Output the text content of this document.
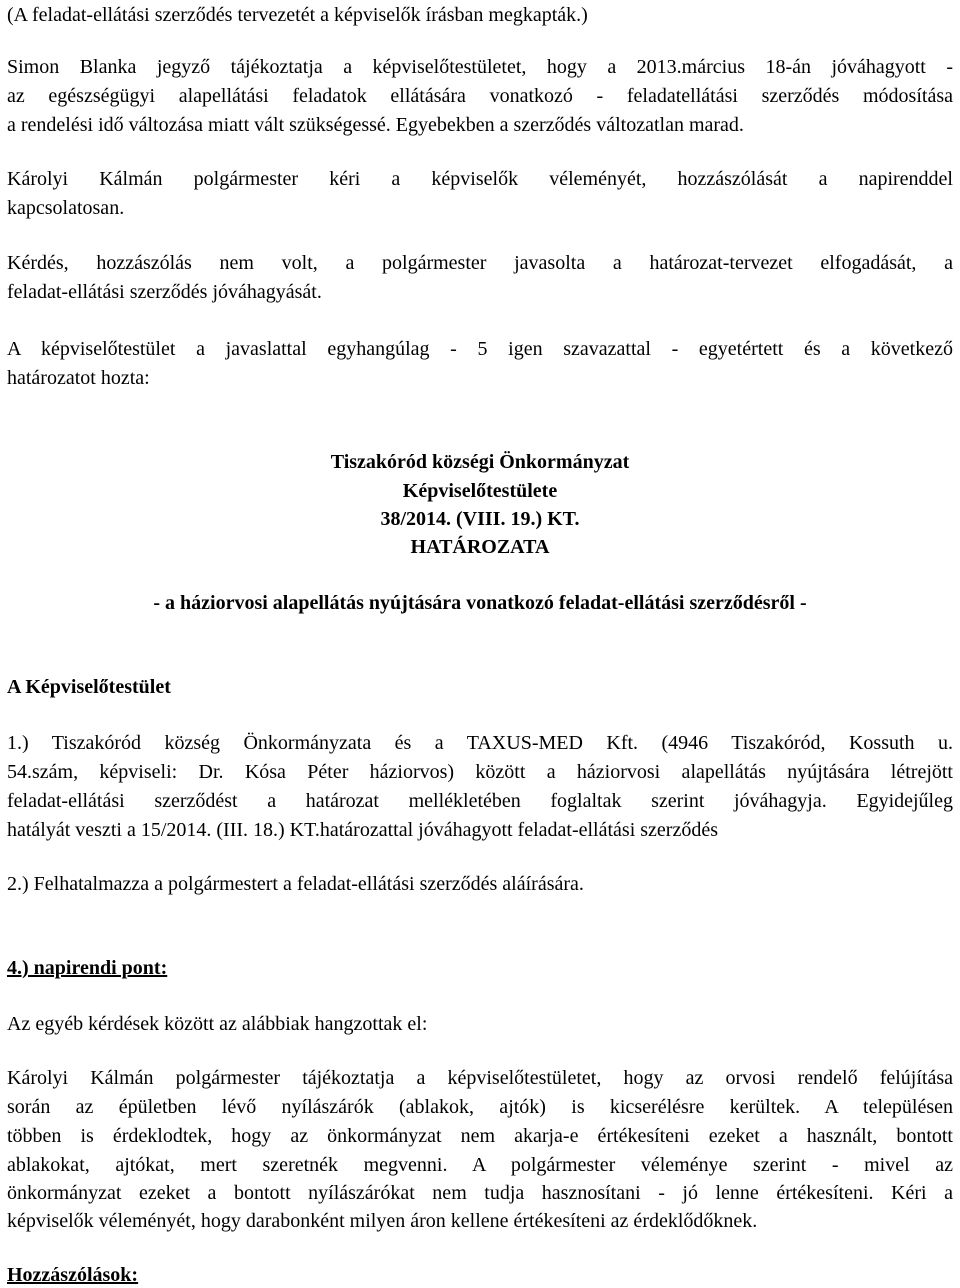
(A feladat-ellátási szerződés tervezetét a képviselők írásban megkapták.)
Simon Blanka jegyző tájékoztatja a képviselőtestületet, hogy a 2013.március 18-án jóváhagyott -
az egészségügyi alapellátási feladatok ellátására vonatkozó - feladatellátási szerződés módosítása
a rendelési idő változása miatt vált szükségessé. Egyebekben a szerződés változatlan marad.
Károlyi Kálmán polgármester kéri a képviselők véleményét, hozzászólását a napirenddel
kapcsolatosan.
Kérdés, hozzászólás nem volt, a polgármester javasolta a határozat-tervezet elfogadását, a
feladat-ellátási szerződés jóváhagyását.
A képviselőtestület a javaslattal egyhangúlag - 5 igen szavazattal - egyetértett és a következő
határozatot hozta:
Tiszakóród községi Önkormányzat
Képviselőtestülete
38/2014. (VIII. 19.) KT.
HATÁROZATA
- a háziorvosi alapellátás nyújtására vonatkozó feladat-ellátási szerződésről -
A Képviselőtestület
1.) Tiszakóród község Önkormányzata és a TAXUS-MED Kft. (4946 Tiszakóród, Kossuth u.
54.szám, képviseli: Dr. Kósa Péter háziorvos) között a háziorvosi alapellátás nyújtására létrejött
feladat-ellátási szerződést a határozat mellékletében foglaltak szerint jóváhagyja. Egyidejűleg
hatályát veszti a 15/2014. (III. 18.) KT.határozattal jóváhagyott feladat-ellátási szerződés
2.) Felhatalmazza a polgármestert a feladat-ellátási szerződés aláírására.
4.) napirendi pont:
Az egyéb kérdések között az alábbiak hangzottak el:
Károlyi Kálmán polgármester tájékoztatja a képviselőtestületet, hogy az orvosi rendelő felújítása
során az épületben lévő nyílászárók (ablakok, ajtók) is kicserélésre kerültek. A településen
többen is érdeklodtek, hogy az önkormányzat nem akarja-e értékesíteni ezeket a használt, bontott
ablakokat, ajtókat, mert szeretnék megvenni. A polgármester véleménye szerint - mivel az
önkormányzat ezeket a bontott nyílászárókat nem tudja hasznosítani - jó lenne értékesíteni. Kéri a
képviselők véleményét, hogy darabonként milyen áron kellene értékesíteni az érdeklődőknek.
Hozzászólások:
